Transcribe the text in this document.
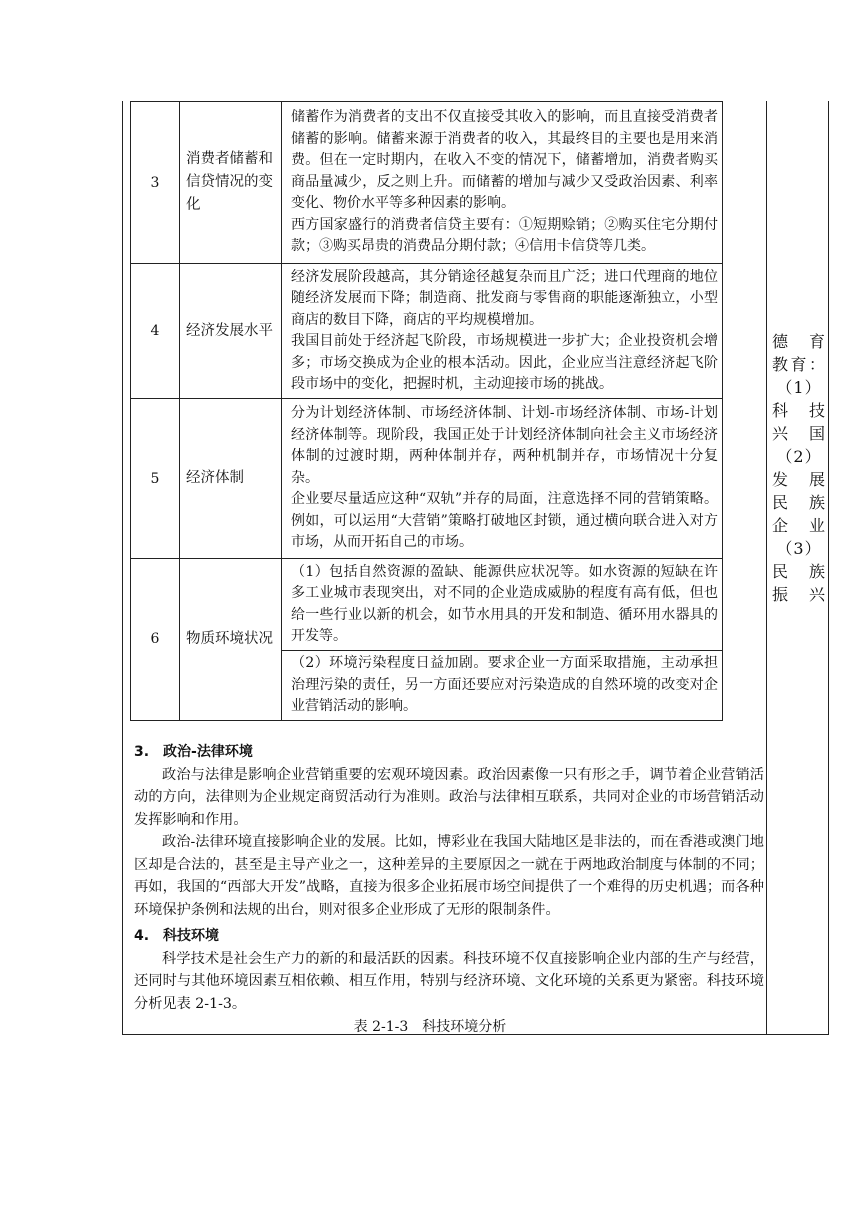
3	消费者储蓄和信贷情况的变化	储蓄作为消费者的支出不仅直接受其收入的影响，而且直接受消费者储蓄的影响。储蓄来源于消费者的收入，其最终目的主要也是用来消费。但在一定时期内，在收入不变的情况下，储蓄增加，消费者购买商品量减少，反之则上升。而储蓄的增加与减少又受政治因素、利率变化、物价水平等多种因素的影响。
西方国家盛行的消费者信贷主要有：①短期赊销；②购买住宅分期付款；③购买昂贵的消费品分期付款；④信用卡信贷等几类。

4	经济发展水平	经济发展阶段越高，其分销途径越复杂而且广泛；进口代理商的地位随经济发展而下降；制造商、批发商与零售商的职能逐渐独立，小型商店的数目下降，商店的平均规模增加。
我国目前处于经济起飞阶段，市场规模进一步扩大；企业投资机会增多；市场交换成为企业的根本活动。因此，企业应当注意经济起飞阶段市场中的变化，把握时机，主动迎接市场的挑战。

5	经济体制	分为计划经济体制、市场经济体制、计划-市场经济体制、市场-计划经济体制等。现阶段，我国正处于计划经济体制向社会主义市场经济体制的过渡时期，两种体制并存，两种机制并存，市场情况十分复杂。
企业要尽量适应这种“双轨”并存的局面，注意选择不同的营销策略。例如，可以运用“大营销”策略打破地区封锁，通过横向联合进入对方市场，从而开拓自己的市场。

6	物质环境状况	（1）包括自然资源的盈缺、能源供应状况等。如水资源的短缺在许多工业城市表现突出，对不同的企业造成威胁的程度有高有低，但也给一些行业以新的机会，如节水用具的开发和制造、循环用水器具的开发等。
		（2）环境污染程度日益加剧。要求企业一方面采取措施，主动承担治理污染的责任，另一方面还要应对污染造成的自然环境的改变对企业营销活动的影响。
德育
教育：
（1）
科技
兴国
（2）
发展
民族
企业
（3）
民族
振兴
3.　政治-法律环境
政治与法律是影响企业营销重要的宏观环境因素。政治因素像一只有形之手，调节着企业营销活动的方向，法律则为企业规定商贸活动行为准则。政治与法律相互联系，共同对企业的市场营销活动发挥影响和作用。
政治-法律环境直接影响企业的发展。比如，博彩业在我国大陆地区是非法的，而在香港或澳门地区却是合法的，甚至是主导产业之一，这种差异的主要原因之一就在于两地政治制度与体制的不同；再如，我国的“西部大开发”战略，直接为很多企业拓展市场空间提供了一个难得的历史机遇；而各种环境保护条例和法规的出台，则对很多企业形成了无形的限制条件。
4.　科技环境
科学技术是社会生产力的新的和最活跃的因素。科技环境不仅直接影响企业内部的生产与经营，还同时与其他环境因素互相依赖、相互作用，特别与经济环境、文化环境的关系更为紧密。科技环境分析见表 2-1-3。
表 2-1-3　科技环境分析
